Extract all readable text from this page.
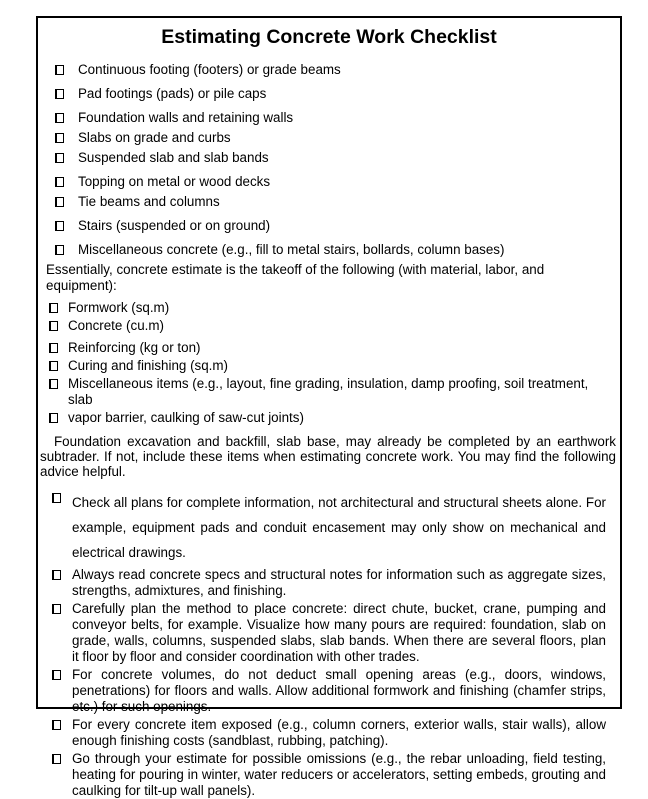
Estimating Concrete Work Checklist
Continuous footing (footers) or grade beams
Pad footings (pads) or pile caps
Foundation walls and retaining walls
Slabs on grade and curbs
Suspended slab and slab bands
Topping on metal or wood decks
Tie beams and columns
Stairs (suspended or on ground)
Miscellaneous concrete (e.g., fill to metal stairs, bollards, column bases)
Essentially, concrete estimate is the takeoff of the following (with material, labor, and equipment):
Formwork (sq.m)
Concrete (cu.m)
Reinforcing (kg or ton)
Curing and finishing (sq.m)
Miscellaneous items (e.g., layout, fine grading, insulation, damp proofing, soil treatment, slab
vapor barrier, caulking of saw-cut joints)
Foundation excavation and backfill, slab base, may already be completed by an earthwork subtrader. If not, include these items when estimating concrete work. You may find the following advice helpful.
Check all plans for complete information, not architectural and structural sheets alone. For example, equipment pads and conduit encasement may only show on mechanical and electrical drawings.
Always read concrete specs and structural notes for information such as aggregate sizes, strengths, admixtures, and finishing.
Carefully plan the method to place concrete: direct chute, bucket, crane, pumping and conveyor belts, for example. Visualize how many pours are required: foundation, slab on grade, walls, columns, suspended slabs, slab bands. When there are several floors, plan it floor by floor and consider coordination with other trades.
For concrete volumes, do not deduct small opening areas (e.g., doors, windows, penetrations) for floors and walls. Allow additional formwork and finishing (chamfer strips, etc.) for such openings.
For every concrete item exposed (e.g., column corners, exterior walls, stair walls), allow enough finishing costs (sandblast, rubbing, patching).
Go through your estimate for possible omissions (e.g., the rebar unloading, field testing, heating for pouring in winter, water reducers or accelerators, setting embeds, grouting and caulking for tilt-up wall panels).
